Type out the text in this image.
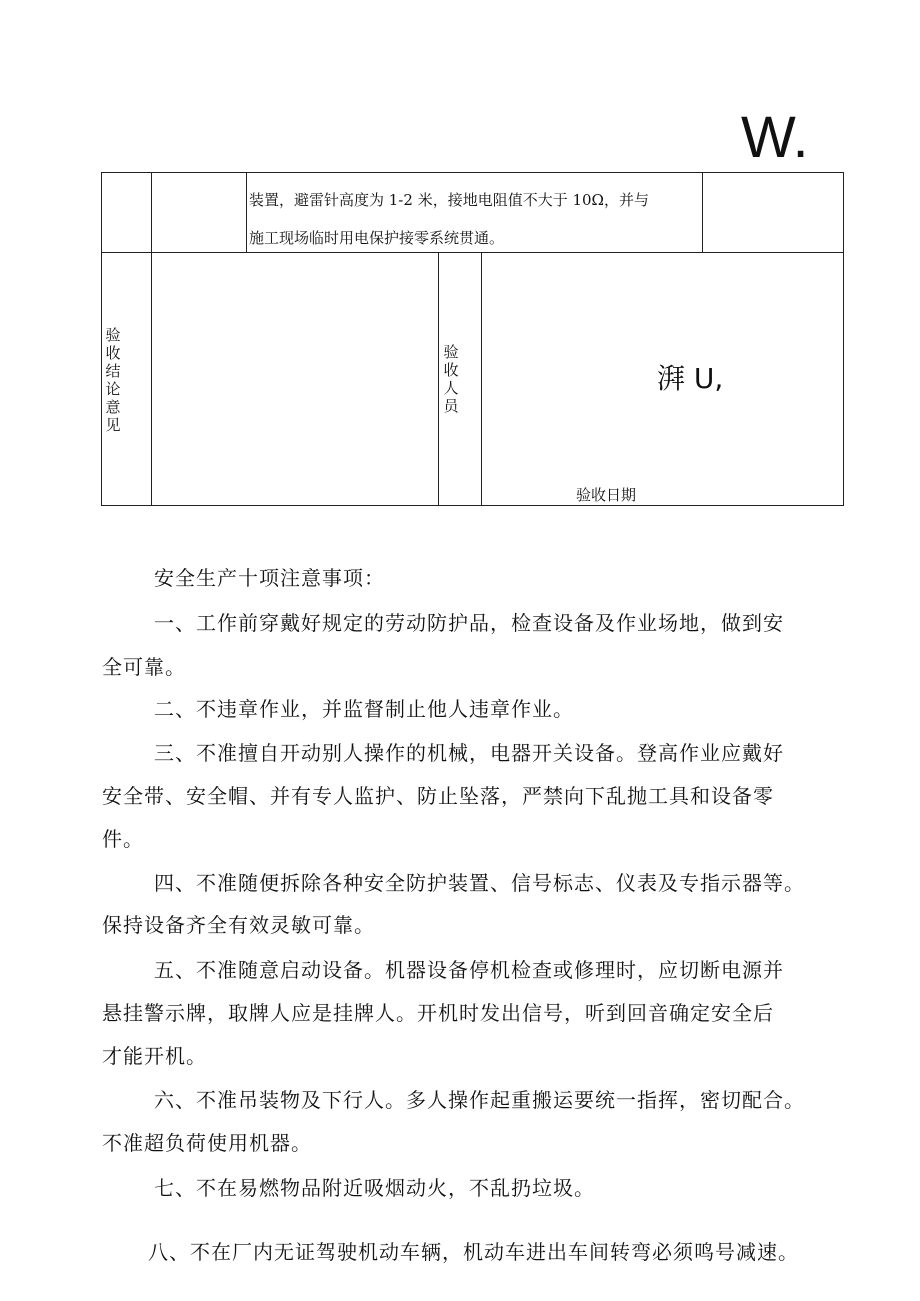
W.
装置，避雷针高度为 1-2 米，接地电阻值不大于 10Ω，并与
施工现场临时用电保护接零系统贯通。
验收结论意见
验收人员
湃 U,
验收日期
安全生产十项注意事项：
一、工作前穿戴好规定的劳动防护品，检查设备及作业场地，做到安
全可靠。
二、不违章作业，并监督制止他人违章作业。
三、不准擅自开动别人操作的机械，电器开关设备。登高作业应戴好
安全带、安全帽、并有专人监护、防止坠落，严禁向下乱抛工具和设备零
件。
四、不准随便拆除各种安全防护装置、信号标志、仪表及专指示器等。
保持设备齐全有效灵敏可靠。
五、不准随意启动设备。机器设备停机检查或修理时，应切断电源并
悬挂警示牌，取牌人应是挂牌人。开机时发出信号，听到回音确定安全后
才能开机。
六、不准吊装物及下行人。多人操作起重搬运要统一指挥，密切配合。
不准超负荷使用机器。
七、不在易燃物品附近吸烟动火，不乱扔垃圾。
八、不在厂内无证驾驶机动车辆，机动车进出车间转弯必须鸣号减速。
